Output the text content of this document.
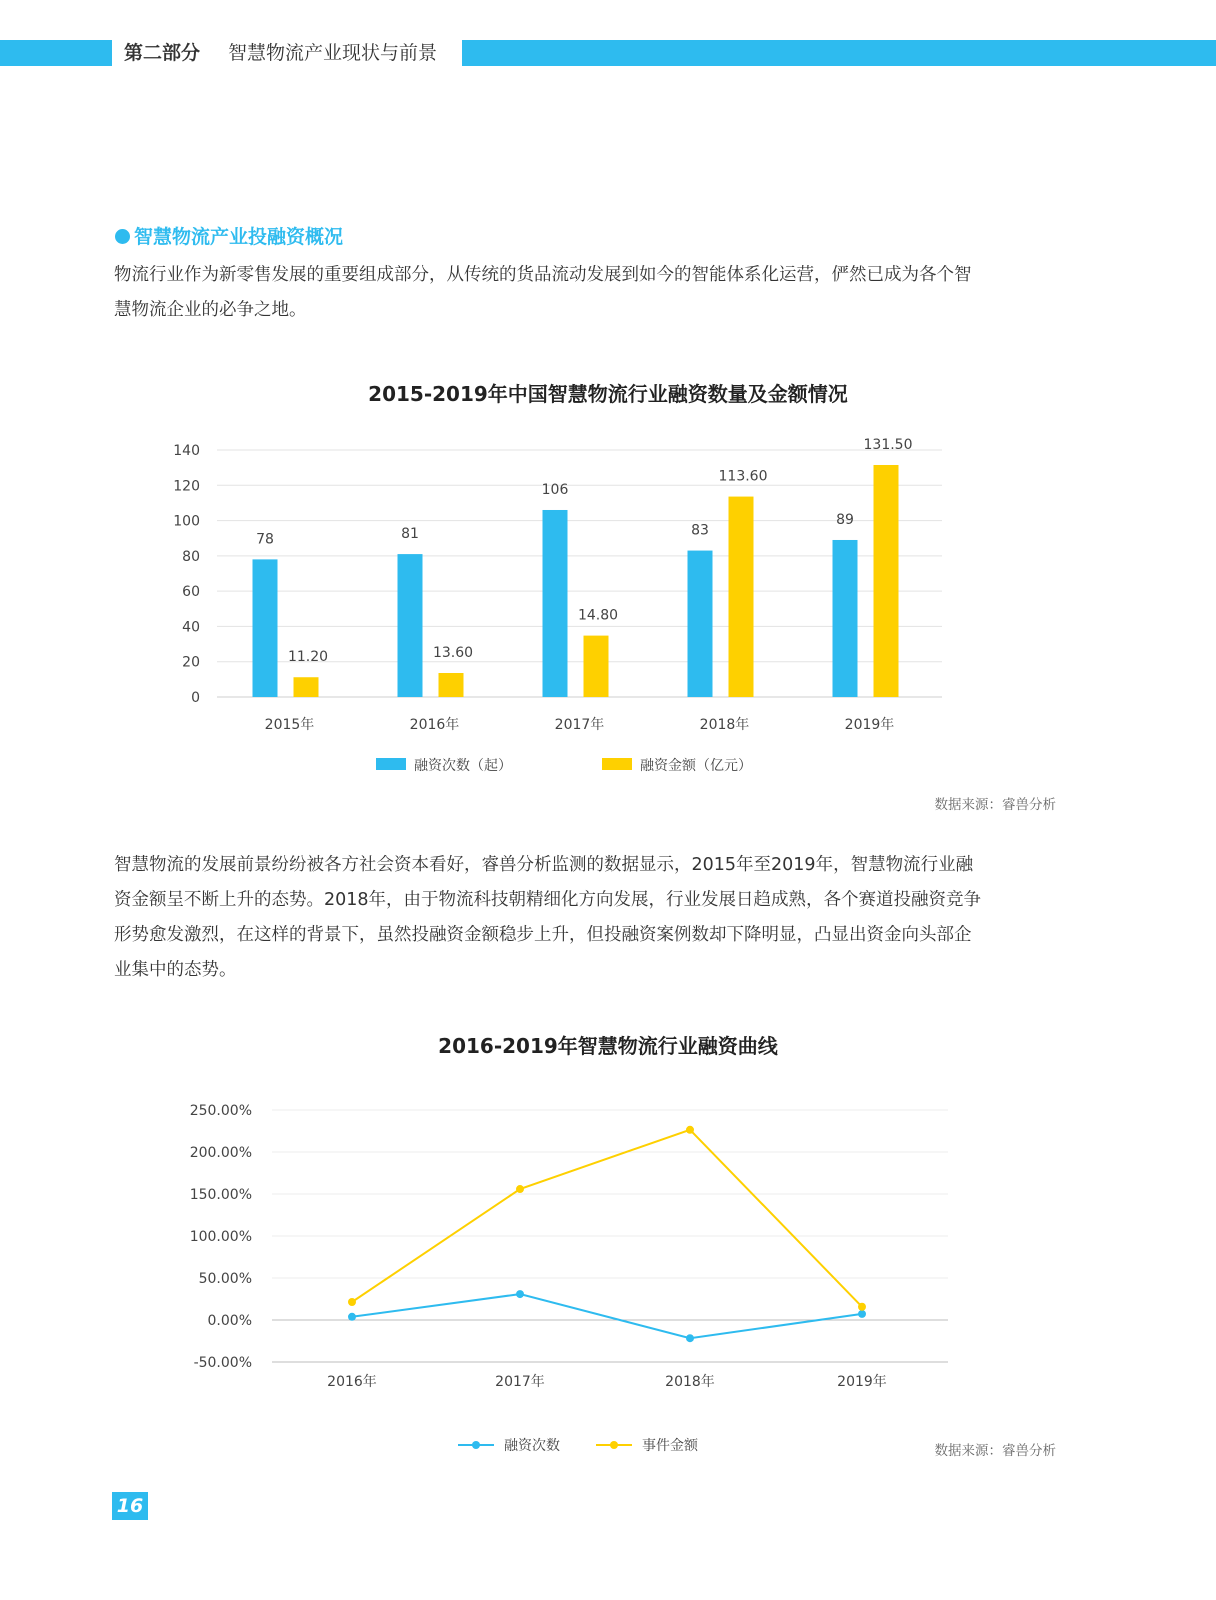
第二部分 智慧物流产业现状与前景
智慧物流产业投融资概况

物流行业作为新零售发展的重要组成部分，从传统的货品流动发展到如今的智能体系化运营，俨然已成为各个智

慧物流企业的必争之地。

2015-2019年中国智慧物流行业融资数量及金额情况
0
20
40
60
80
100
120
140
78
11.20
2015年
81
13.60
2016年
106
14.80
2017年
83
113.60
2018年
89
131.50
2019年
融资次数（起）	融资金额（亿元）
数据来源：睿兽分析

智慧物流的发展前景纷纷被各方社会资本看好，睿兽分析监测的数据显示，2015年至2019年，智慧物流行业融

资金额呈不断上升的态势。2018年，由于物流科技朝精细化方向发展，行业发展日趋成熟，各个赛道投融资竞争

形势愈发激烈，在这样的背景下，虽然投融资金额稳步上升，但投融资案例数却下降明显，凸显出资金向头部企

业集中的态势。

2016-2019年智慧物流行业融资曲线
250.00%
200.00%
150.00%
100.00%
50.00%
0.00%
-50.00%
2016年	2017年	2018年	2019年
融资次数	事件金额	数据来源：睿兽分析
16
